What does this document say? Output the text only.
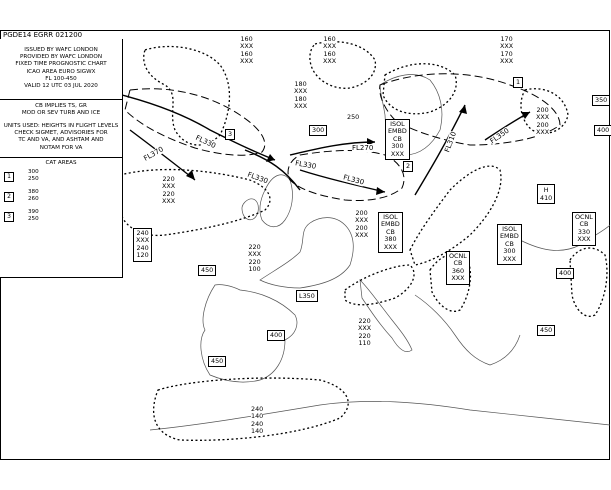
PGDE14 EGRR 021200
ISSUED BY WAFC LONDON
PROVIDED BY WAFC LONDON
FIXED TIME PROGNOSTIC CHART
ICAO AREA EURO SIGWX
FL 100-450
VALID 12 UTC 03 JUL 2020
CB IMPLIES TS, GR
MOD OR SEV TURB AND ICE
UNITS USED: HEIGHTS IN FLIGHT LEVELS
CHECK SIGMET, ADVISORIES FOR
TC AND VA, AND ASHTAM AND
NOTAM FOR VA
CAT AREAS
1
300
250
2
380
260
3
390
250
350
400
300
450
400
450
400
450
H
410
L350
FL370
FL330
FL330
FL330
FL330
FL270	FL310	FL350
160
XXX
160
XXX
160
XXX
160
XXX
170
XXX
170
XXX
180
XXX
180
XXX
250
220
XXX
220
XXX
200
XXX
200
XXX
240
XXX
240
120
200
XXX
200
XXX
220
XXX
220
100
220
XXX
220
110
240
140
240
140
ISOL
EMBD
CB
300
XXX
ISOL
EMBD
CB
380
XXX
ISOL
EMBD
CB
300
XXX
OCNL
CB
360
XXX
OCNL
CB
330
XXX
1
2
3
